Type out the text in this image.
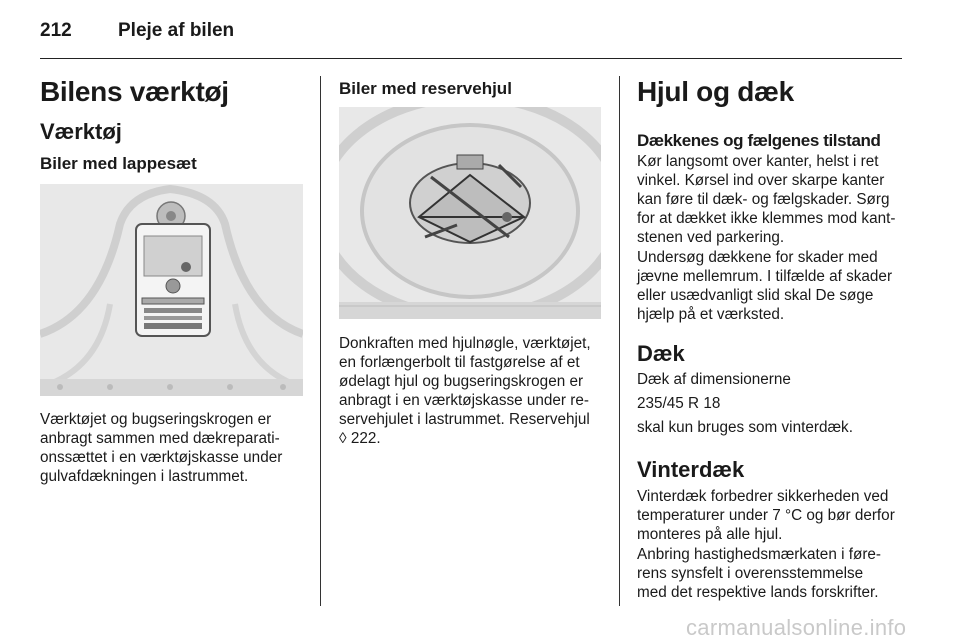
212 Pleje af bilen
Bilens værktøj
Værktøj
Biler med lappesæt

Værktøjet og bugseringskrogen er

anbragt sammen med dækreparati-

onssættet i en værktøjskasse under

gulvafdækningen i lastrummet.

Biler med reservehjul

Donkraften med hjulnøgle, værktøjet,

en forlængerbolt til fastgørelse af et

ødelagt hjul og bugseringskrogen er

anbragt i en værktøjskasse under re-

servehjulet i lastrummet. Reservehjul

◊ 222.

Hjul og dæk
Dækkenes og fælgenes tilstand

Kør langsomt over kanter, helst i ret

vinkel. Kørsel ind over skarpe kanter

kan føre til dæk- og fælgskader. Sørg

for at dækket ikke klemmes mod kant-

stenen ved parkering.

Undersøg dækkene for skader med

jævne mellemrum. I tilfælde af skader

eller usædvanligt slid skal De søge

hjælp på et værksted.

Dæk

Dæk af dimensionerne

235/45 R 18

skal kun bruges som vinterdæk.

Vinterdæk

Vinterdæk forbedrer sikkerheden ved

temperaturer under 7 °C og bør derfor

monteres på alle hjul.

Anbring hastighedsmærkaten i føre-

rens synsfelt i overensstemmelse

med det respektive lands forskrifter.

carmanualsonline.info
